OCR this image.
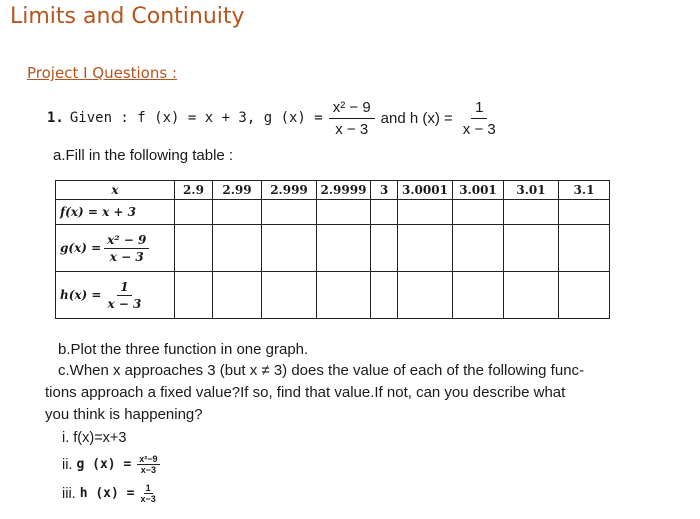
Limits and Continuity
Project I Questions :
1. Given : f (x) = x + 3, g $(x) = \frac{\text{x² − 9}}{x - 3}$ and h $(x) = \frac{1}{x - 3}$
a.Fill in the following table :
x	2.9	2.99	2.999	2.9999	3	3.0001	3.001	3.01	3.1
f(x) = x + 3									
$g(x) = \frac{\text{x² − 9}}{x - 3}$

$h(x) = \frac{1}{x - 3}$

b.Plot the three function in one graph.
c.When x approaches 3 (but x ≠ 3) does the value of each of the following func-
tions approach a fixed value?If so, find that value.If not, can you describe what
you think is happening?
i. f(x)=x+3
ii. g $(x) = \frac{\text{x²−9}}{x-3}$
iii. h $(x) = \frac{1}{x-3}$
